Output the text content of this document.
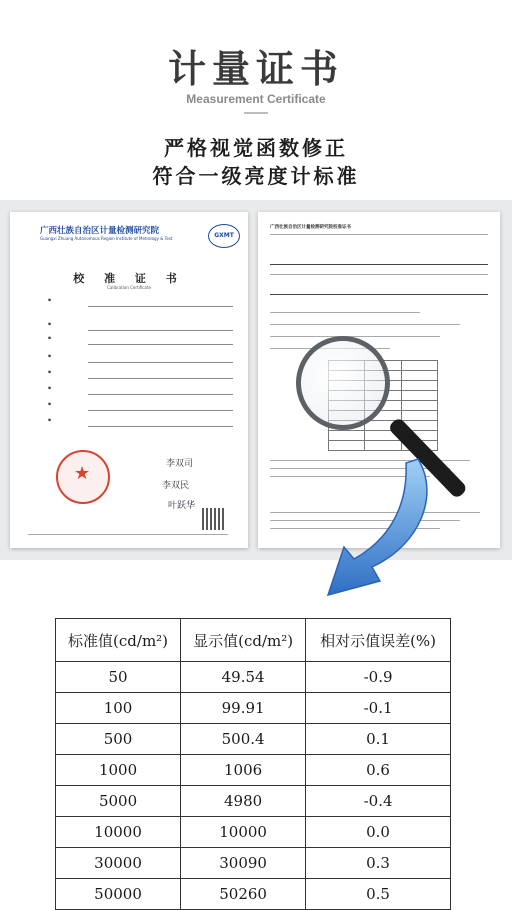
计量证书
Measurement Certificate
严格视觉函数修正
符合一级亮度计标准
广西壮族自治区计量检测研究院
Guangxi Zhuang Autonomous Region Institute of Metrology & Test	GXMT
校 准 证 书
Calibration Certificate
▪
▪
▪
▪
▪
▪
▪
▪
★
李双司
李双民
叶跃华
广西壮族自治区计量检测研究院校准证书

标准值(cd/m²)	显示值(cd/m²)	相对示值误差(%)
50	49.54	-0.9
100	99.91	-0.1
500	500.4	0.1
1000	1006	0.6
5000	4980	-0.4
10000	10000	0.0
30000	30090	0.3
50000	50260	0.5
